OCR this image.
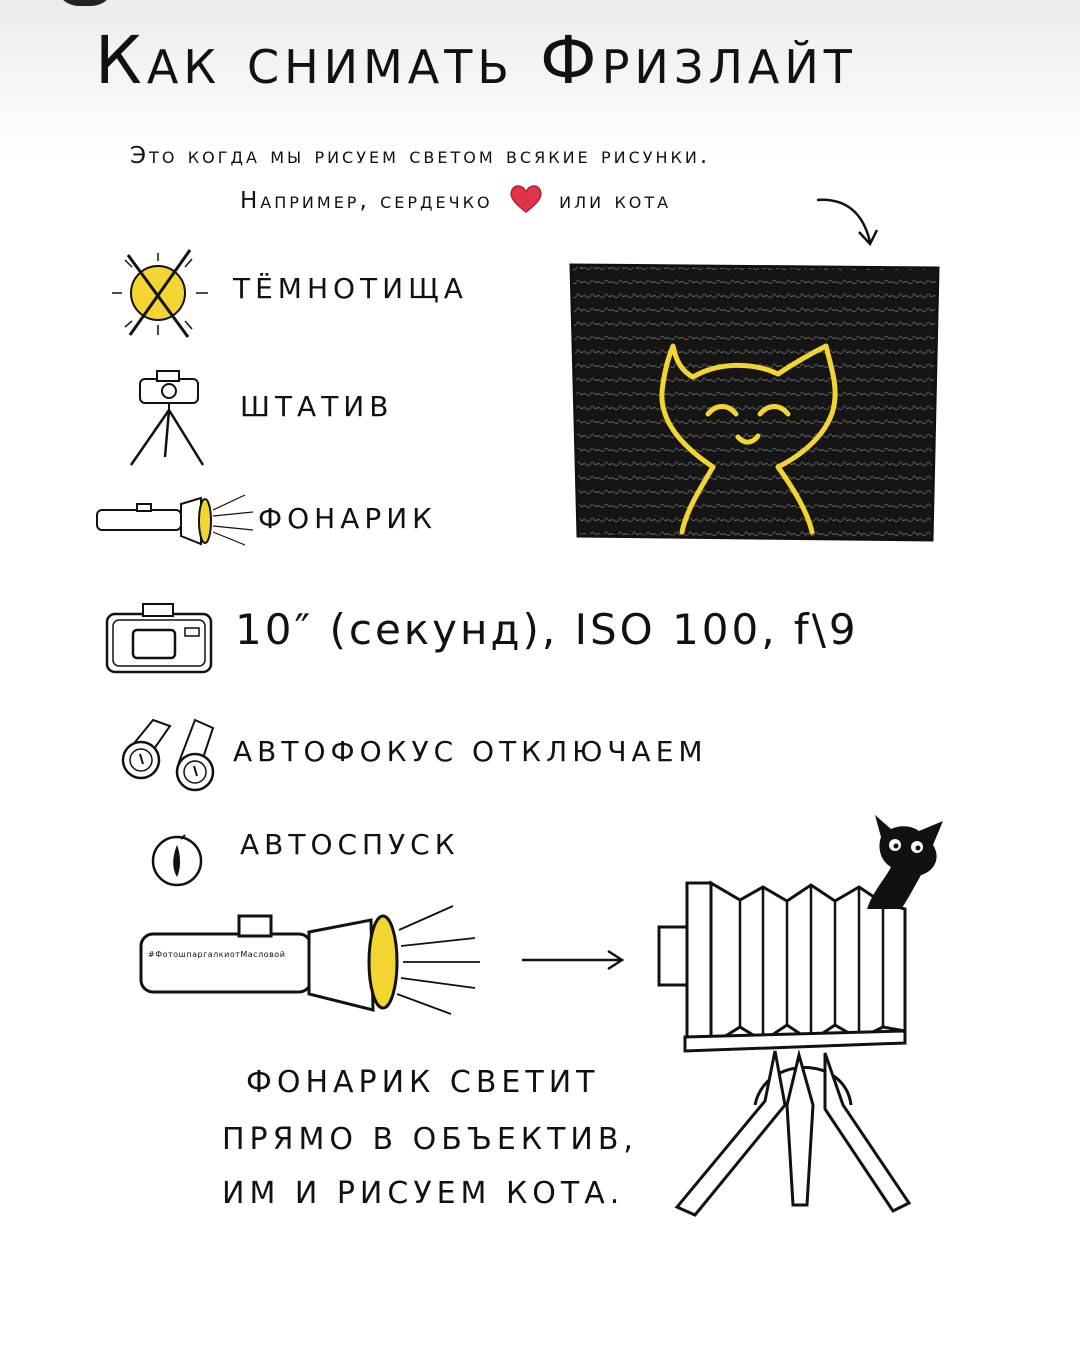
Как снимать Фризлайт
Это когда мы рисуем светом всякие рисунки.
Например, сердечко	или кота
ТЁМНОТИЩА
ШТАТИВ
ФОНАРИК
10″ (секунд), ISO 100, f\9
АВТОФОКУС ОТКЛЮЧАЕМ
АВТОСПУСК
#ФотошпаргалкиотМасловой
ФОНАРИК СВЕТИТ
ПРЯМО В ОБЪЕКТИВ,
ИМ И РИСУЕМ КОТА.
